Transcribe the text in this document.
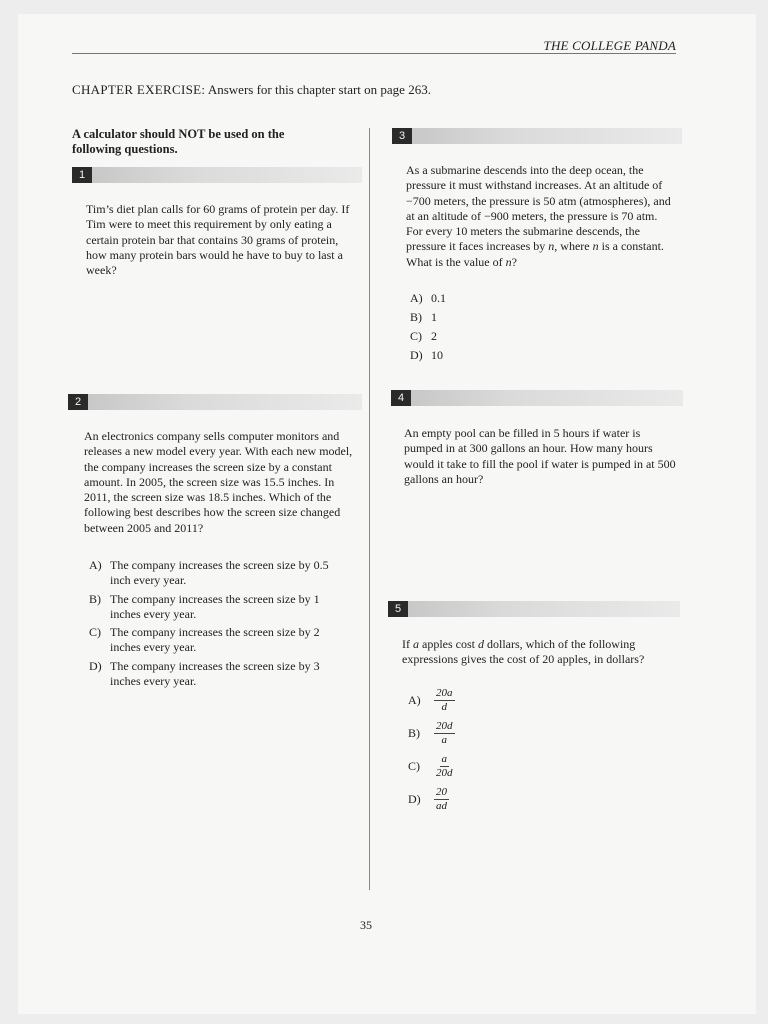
THE COLLEGE PANDA
CHAPTER EXERCISE: Answers for this chapter start on page 263.
A calculator should NOT be used on the following questions.
1
Tim’s diet plan calls for 60 grams of protein per day. If Tim were to meet this requirement by only eating a certain protein bar that contains 30 grams of protein, how many protein bars would he have to buy to last a week?
2
An electronics company sells computer monitors and releases a new model every year. With each new model, the company increases the screen size by a constant amount. In 2005, the screen size was 15.5 inches. In 2011, the screen size was 18.5 inches. Which of the following best describes how the screen size changed between 2005 and 2011?
A) The company increases the screen size by 0.5 inch every year.
B) The company increases the screen size by 1 inches every year.
C) The company increases the screen size by 2 inches every year.
D) The company increases the screen size by 3 inches every year.
3
As a submarine descends into the deep ocean, the pressure it must withstand increases. At an altitude of −700 meters, the pressure is 50 atm (atmospheres), and at an altitude of −900 meters, the pressure is 70 atm. For every 10 meters the submarine descends, the pressure it faces increases by n, where n is a constant. What is the value of n?
A) 0.1
B) 1
C) 2
D) 10
4
An empty pool can be filled in 5 hours if water is pumped in at 300 gallons an hour. How many hours would it take to fill the pool if water is pumped in at 500 gallons an hour?
5
If a apples cost d dollars, which of the following expressions gives the cost of 20 apples, in dollars?
A)	$\frac{20a}{d}$
B)	$\frac{20d}{a}$
C)	$\frac{a}{20d}$
D)	$\frac{20}{ad}$
35
